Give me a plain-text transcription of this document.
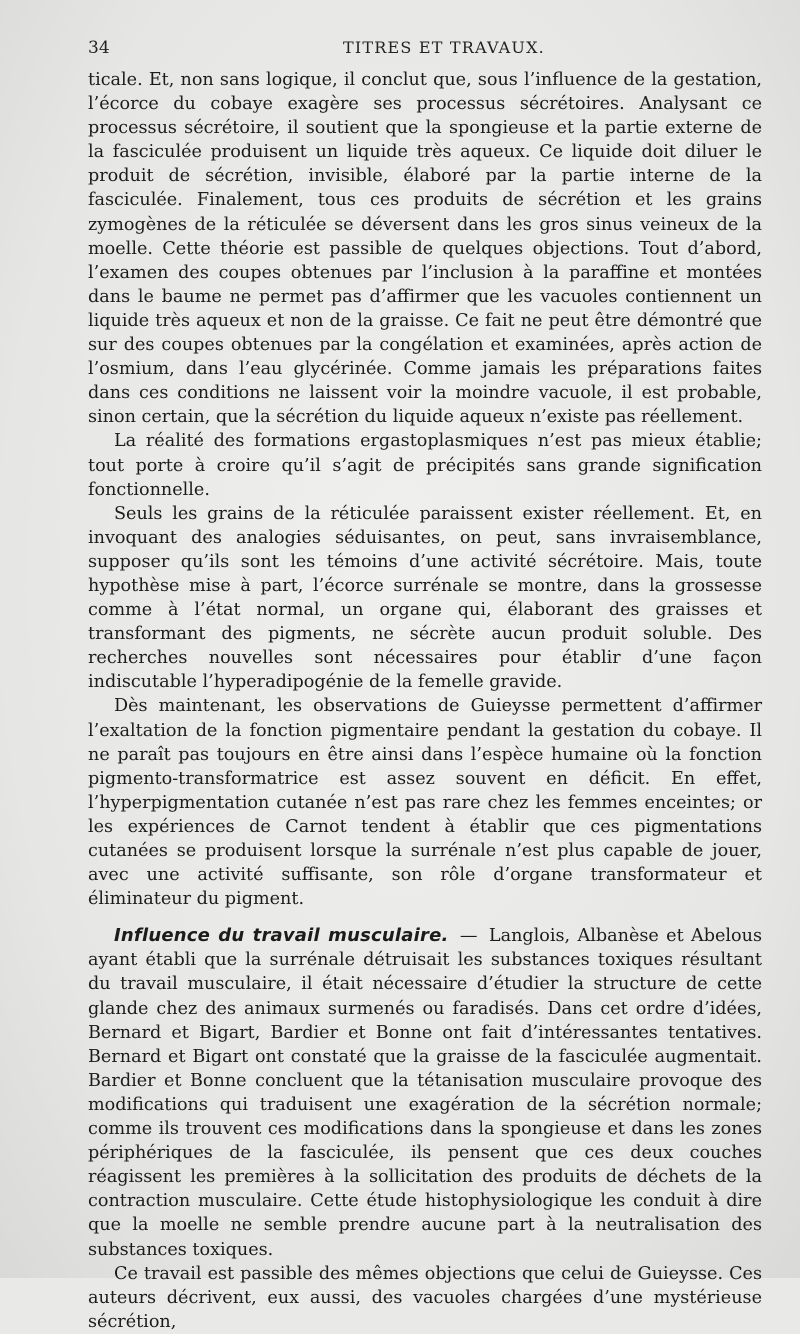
34	TITRES ET TRAVAUX.

ticale. Et, non sans logique, il conclut que, sous l’influence de la gestation, l’écorce du cobaye exagère ses processus sécrétoires. Analysant ce processus sécrétoire, il soutient que la spongieuse et la partie externe de la fasciculée produisent un liquide très aqueux. Ce liquide doit diluer le produit de sécrétion, invisible, élaboré par la partie interne de la fasciculée. Finalement, tous ces produits de sécrétion et les grains zymogènes de la réticulée se déversent dans les gros sinus veineux de la moelle. Cette théorie est passible de quelques objections. Tout d’abord, l’examen des coupes obtenues par l’inclusion à la paraffine et montées dans le baume ne permet pas d’affirmer que les vacuoles contiennent un liquide très aqueux et non de la graisse. Ce fait ne peut être démontré que sur des coupes obtenues par la congélation et examinées, après action de l’osmium, dans l’eau glycérinée. Comme jamais les préparations faites dans ces conditions ne laissent voir la moindre vacuole, il est probable, sinon certain, que la sécrétion du liquide aqueux n’existe pas réellement.

La réalité des formations ergastoplasmiques n’est pas mieux établie; tout porte à croire qu’il s’agit de précipités sans grande signification fonctionnelle.

Seuls les grains de la réticulée paraissent exister réellement. Et, en invoquant des analogies séduisantes, on peut, sans invraisemblance, supposer qu’ils sont les témoins d’une activité sécrétoire. Mais, toute hypothèse mise à part, l’écorce surrénale se montre, dans la grossesse comme à l’état normal, un organe qui, élaborant des graisses et transformant des pigments, ne sécrète aucun produit soluble. Des recherches nouvelles sont nécessaires pour établir d’une façon indiscutable l’hyperadipogénie de la femelle gravide.

Dès maintenant, les observations de Guieysse permettent d’affirmer l’exaltation de la fonction pigmentaire pendant la gestation du cobaye. Il ne paraît pas toujours en être ainsi dans l’espèce humaine où la fonction pigmento-transformatrice est assez souvent en déficit. En effet, l’hyperpigmentation cutanée n’est pas rare chez les femmes enceintes; or les expériences de Carnot tendent à établir que ces pigmentations cutanées se produisent lorsque la surrénale n’est plus capable de jouer, avec une activité suffisante, son rôle d’organe transformateur et éliminateur du pigment.

Influence du travail musculaire. — Langlois, Albanèse et Abelous ayant établi que la surrénale détruisait les substances toxiques résultant du travail musculaire, il était nécessaire d’étudier la structure de cette glande chez des animaux surmenés ou faradisés. Dans cet ordre d’idées, Bernard et Bigart, Bardier et Bonne ont fait d’intéressantes tentatives. Bernard et Bigart ont constaté que la graisse de la fasciculée augmentait. Bardier et Bonne concluent que la tétanisation musculaire provoque des modifications qui traduisent une exagération de la sécrétion normale; comme ils trouvent ces modifications dans la spongieuse et dans les zones périphériques de la fasciculée, ils pensent que ces deux couches réagissent les premières à la sollicitation des produits de déchets de la contraction musculaire. Cette étude histophysiologique les conduit à dire que la moelle ne semble prendre aucune part à la neutralisation des substances toxiques.

Ce travail est passible des mêmes objections que celui de Guieysse. Ces auteurs décrivent, eux aussi, des vacuoles chargées d’une mystérieuse sécrétion,
